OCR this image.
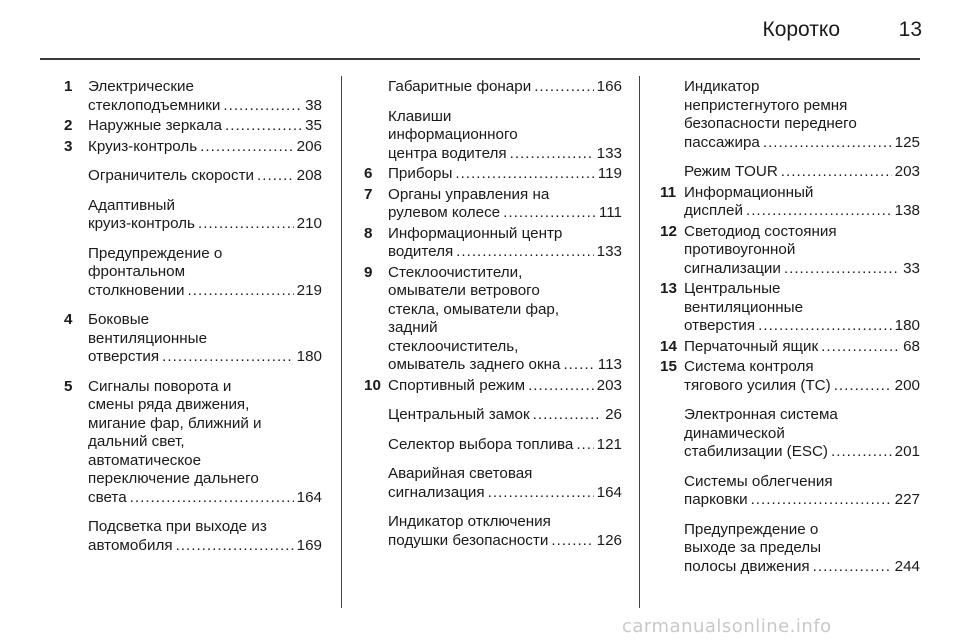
Коротко	13
1	Электрические
стеклоподъемники .....	38
2	Наружные зеркала .....	35
3	Круиз-контроль .....	206
Ограничитель скорости .....	208
Адаптивный
круиз-контроль .....	210
Предупреждение о
фронтальном
столкновении .....	219
4	Боковые
вентиляционные
отверстия .....	180
5	Сигналы поворота и
смены ряда движения,
мигание фар, ближний и
дальний свет,
автоматическое
переключение дальнего
света .....	164
Подсветка при выходе из
автомобиля .....	169
Габаритные фонари .....	166
Клавиши
информационного
центра водителя .....	133
6	Приборы .....	119
7	Органы управления на
рулевом колесе .....	111
8	Информационный центр
водителя .....	133
9	Стеклоочистители,
омыватели ветрового
стекла, омыватели фар,
задний
стеклоочиститель,
омыватель заднего окна ..... 113
10 Спортивный режим .....	203
Центральный замок .....	26
Селектор выбора топлива ..... 121
Аварийная световая
сигнализация .....	164
Индикатор отключения
подушки безопасности .....	126
Индикатор
непристегнутого ремня
безопасности переднего
пассажира .....	125
Режим TOUR .....	203
11 Информационный
дисплей .....	138
12 Светодиод состояния
противоугонной
сигнализации .....	33
13 Центральные
вентиляционные
отверстия .....	180
14 Перчаточный ящик .....	68
15 Система контроля
тягового усилия (TC) .....	200
Электронная система
динамической
стабилизации (ESC) .....	201
Системы облегчения
парковки .....	227
Предупреждение о
выходе за пределы
полосы движения .....	244
carmanualsonline.info
